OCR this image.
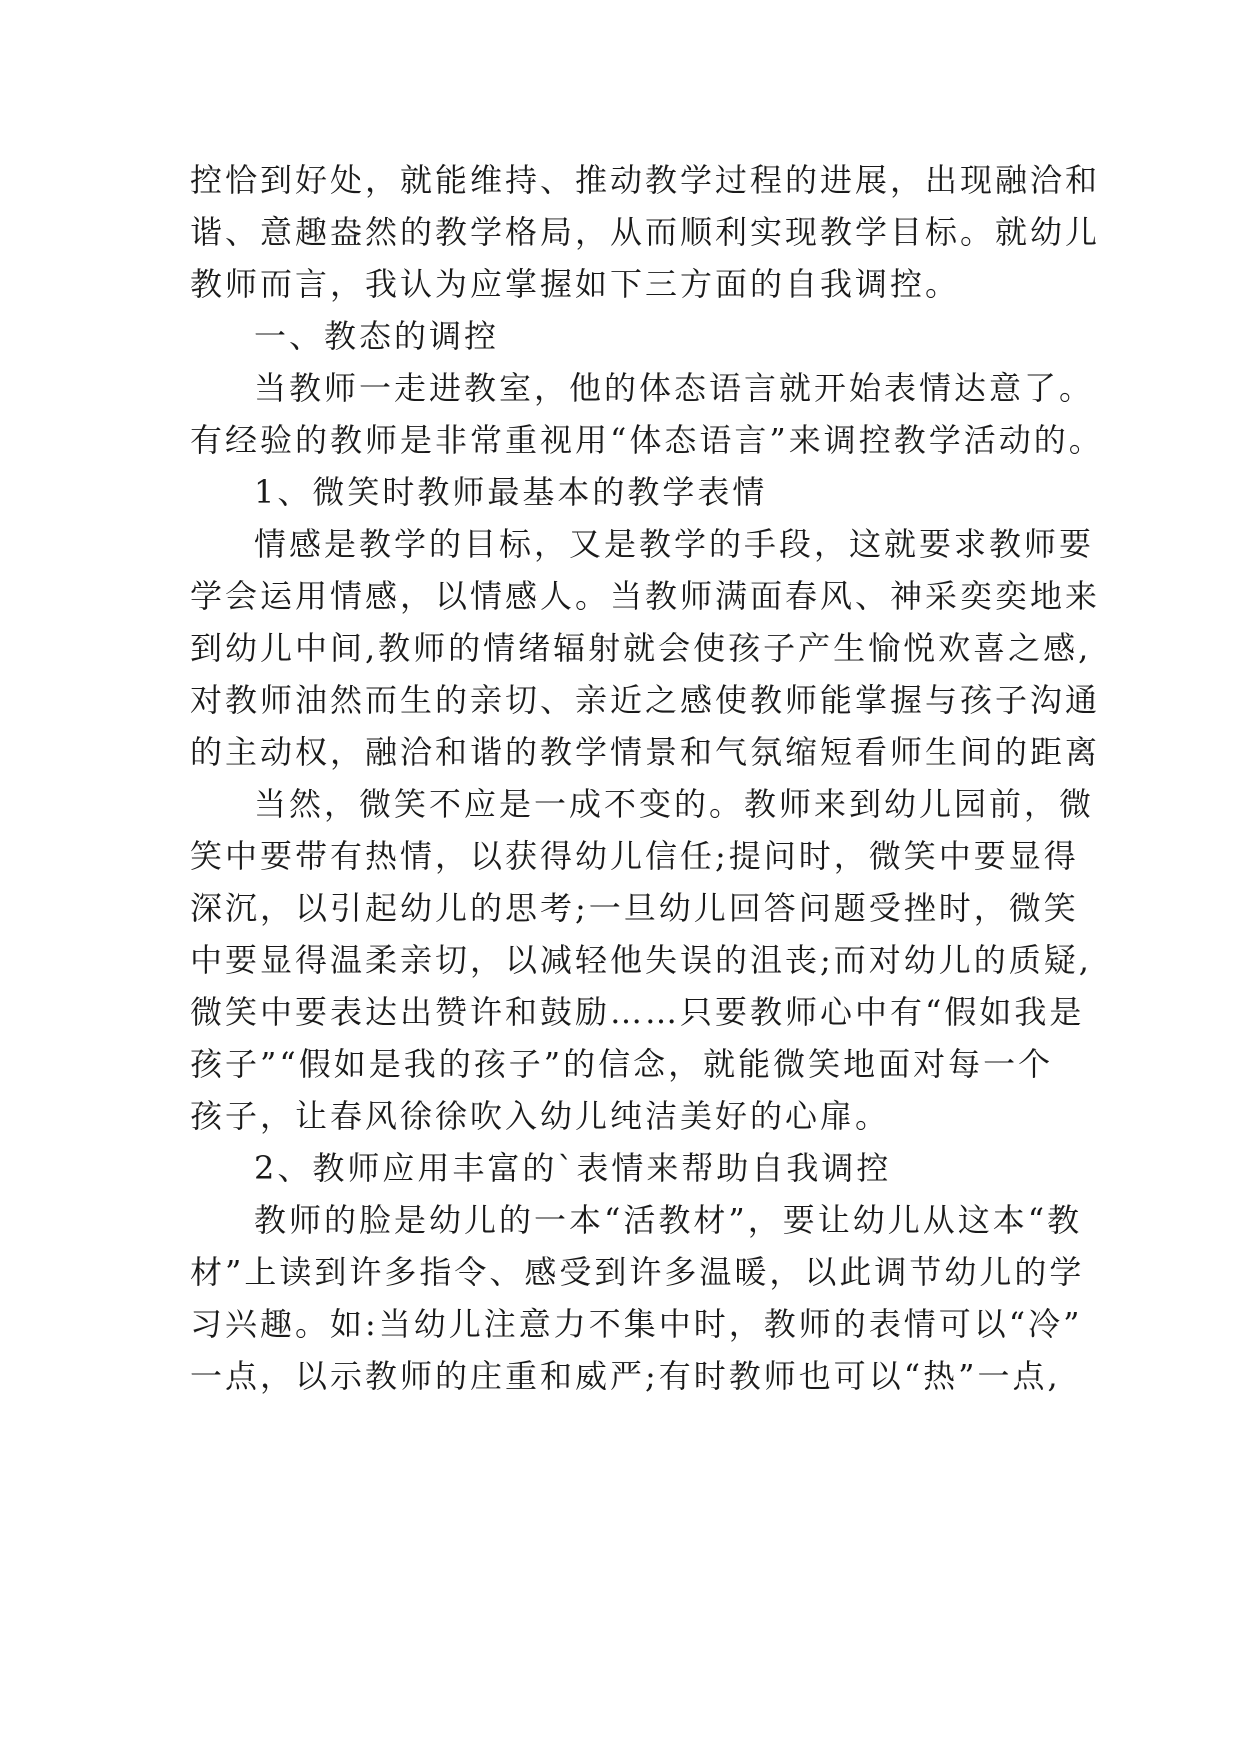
控恰到好处，就能维持、推动教学过程的进展，出现融洽和
谐、意趣盎然的教学格局，从而顺利实现教学目标。就幼儿
教师而言，我认为应掌握如下三方面的自我调控。
一、教态的调控
当教师一走进教室，他的体态语言就开始表情达意了。
有经验的教师是非常重视用“体态语言”来调控教学活动的。
1、微笑时教师最基本的教学表情
情感是教学的目标，又是教学的手段，这就要求教师要
学会运用情感，以情感人。当教师满面春风、神采奕奕地来
到幼儿中间,教师的情绪辐射就会使孩子产生愉悦欢喜之感,
对教师油然而生的亲切、亲近之感使教师能掌握与孩子沟通
的主动权，融洽和谐的教学情景和气氛缩短看师生间的距离
当然，微笑不应是一成不变的。教师来到幼儿园前，微
笑中要带有热情，以获得幼儿信任;提问时，微笑中要显得
深沉，以引起幼儿的思考;一旦幼儿回答问题受挫时，微笑
中要显得温柔亲切，以减轻他失误的沮丧;而对幼儿的质疑,
微笑中要表达出赞许和鼓励……只要教师心中有“假如我是
孩子”“假如是我的孩子”的信念，就能微笑地面对每一个
孩子，让春风徐徐吹入幼儿纯洁美好的心扉。
2、教师应用丰富的`表情来帮助自我调控
教师的脸是幼儿的一本“活教材”，要让幼儿从这本“教
材”上读到许多指令、感受到许多温暖，以此调节幼儿的学
习兴趣。如:当幼儿注意力不集中时，教师的表情可以“冷”
一点，以示教师的庄重和威严;有时教师也可以“热”一点,
